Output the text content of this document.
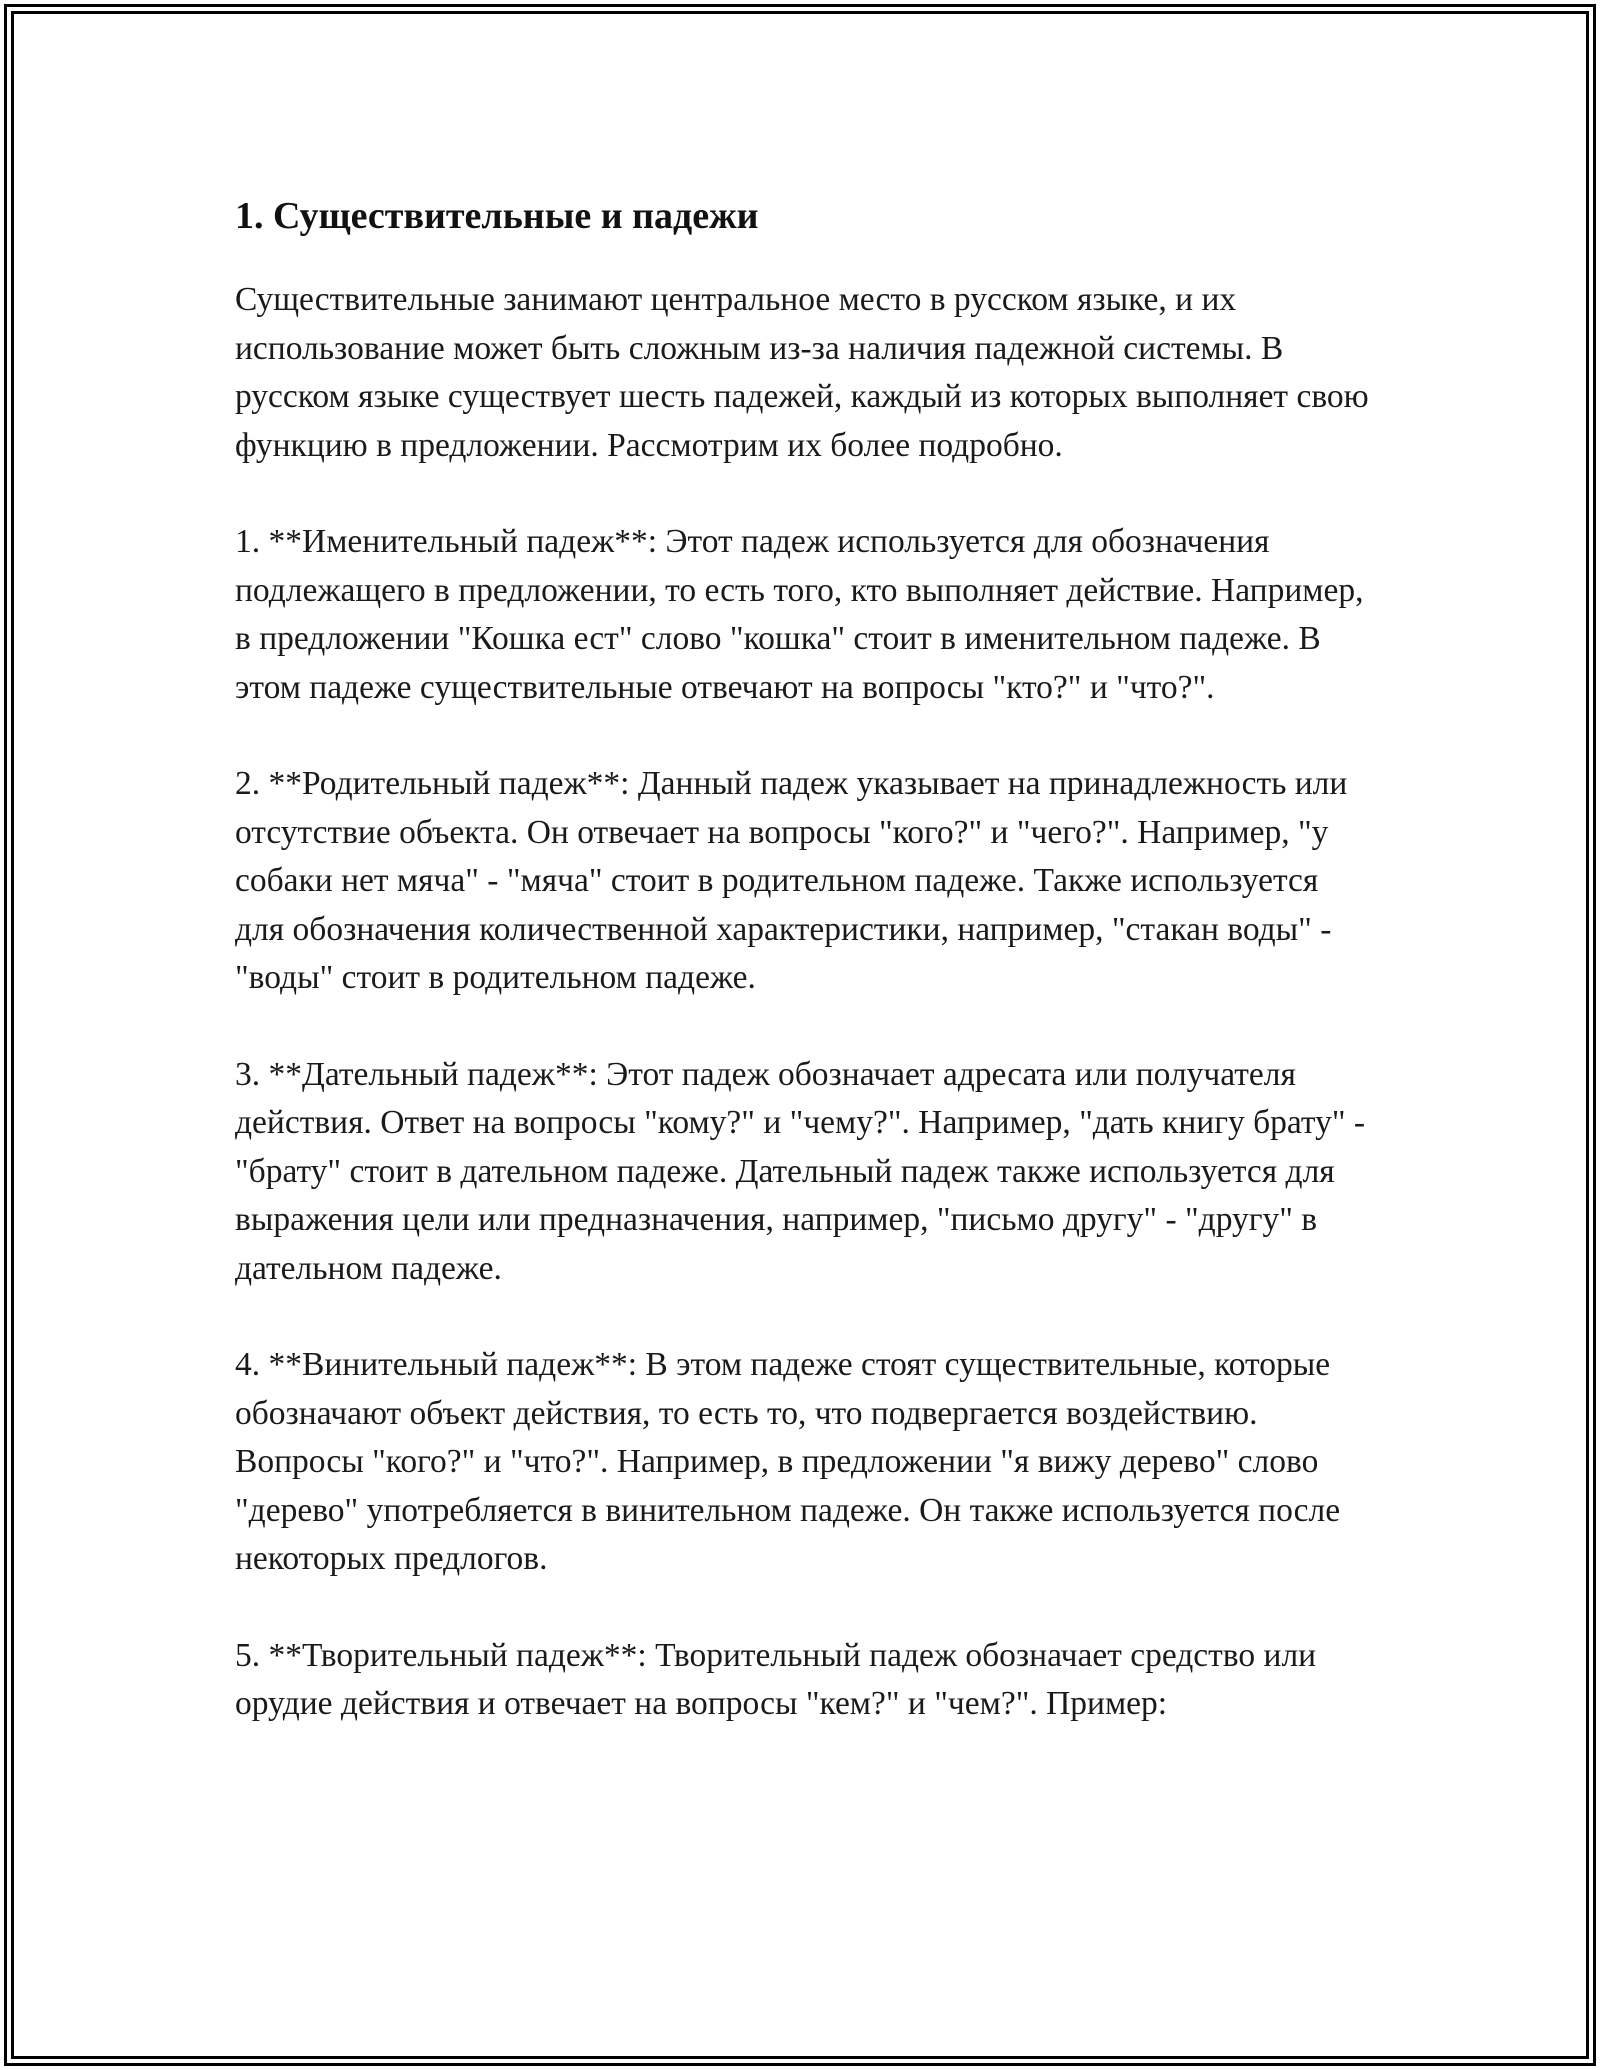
1. Существительные и падежи

Существительные занимают центральное место в русском языке, и их использование может быть сложным из-за наличия падежной системы. В русском языке существует шесть падежей, каждый из которых выполняет свою функцию в предложении. Рассмотрим их более подробно.

1. **Именительный падеж**: Этот падеж используется для обозначения подлежащего в предложении, то есть того, кто выполняет действие. Например, в предложении "Кошка ест" слово "кошка" стоит в именительном падеже. В этом падеже существительные отвечают на вопросы "кто?" и "что?".

2. **Родительный падеж**: Данный падеж указывает на принадлежность или отсутствие объекта. Он отвечает на вопросы "кого?" и "чего?". Например, "у собаки нет мяча" - "мяча" стоит в родительном падеже. Также используется для обозначения количественной характеристики, например, "стакан воды" - "воды" стоит в родительном падеже.

3. **Дательный падеж**: Этот падеж обозначает адресата или получателя действия. Ответ на вопросы "кому?" и "чему?". Например, "дать книгу брату" - "брату" стоит в дательном падеже. Дательный падеж также используется для выражения цели или предназначения, например, "письмо другу" - "другу" в дательном падеже.

4. **Винительный падеж**: В этом падеже стоят существительные, которые обозначают объект действия, то есть то, что подвергается воздействию. Вопросы "кого?" и "что?". Например, в предложении "я вижу дерево" слово "дерево" употребляется в винительном падеже. Он также используется после некоторых предлогов.

5. **Творительный падеж**: Творительный падеж обозначает средство или орудие действия и отвечает на вопросы "кем?" и "чем?". Пример:
